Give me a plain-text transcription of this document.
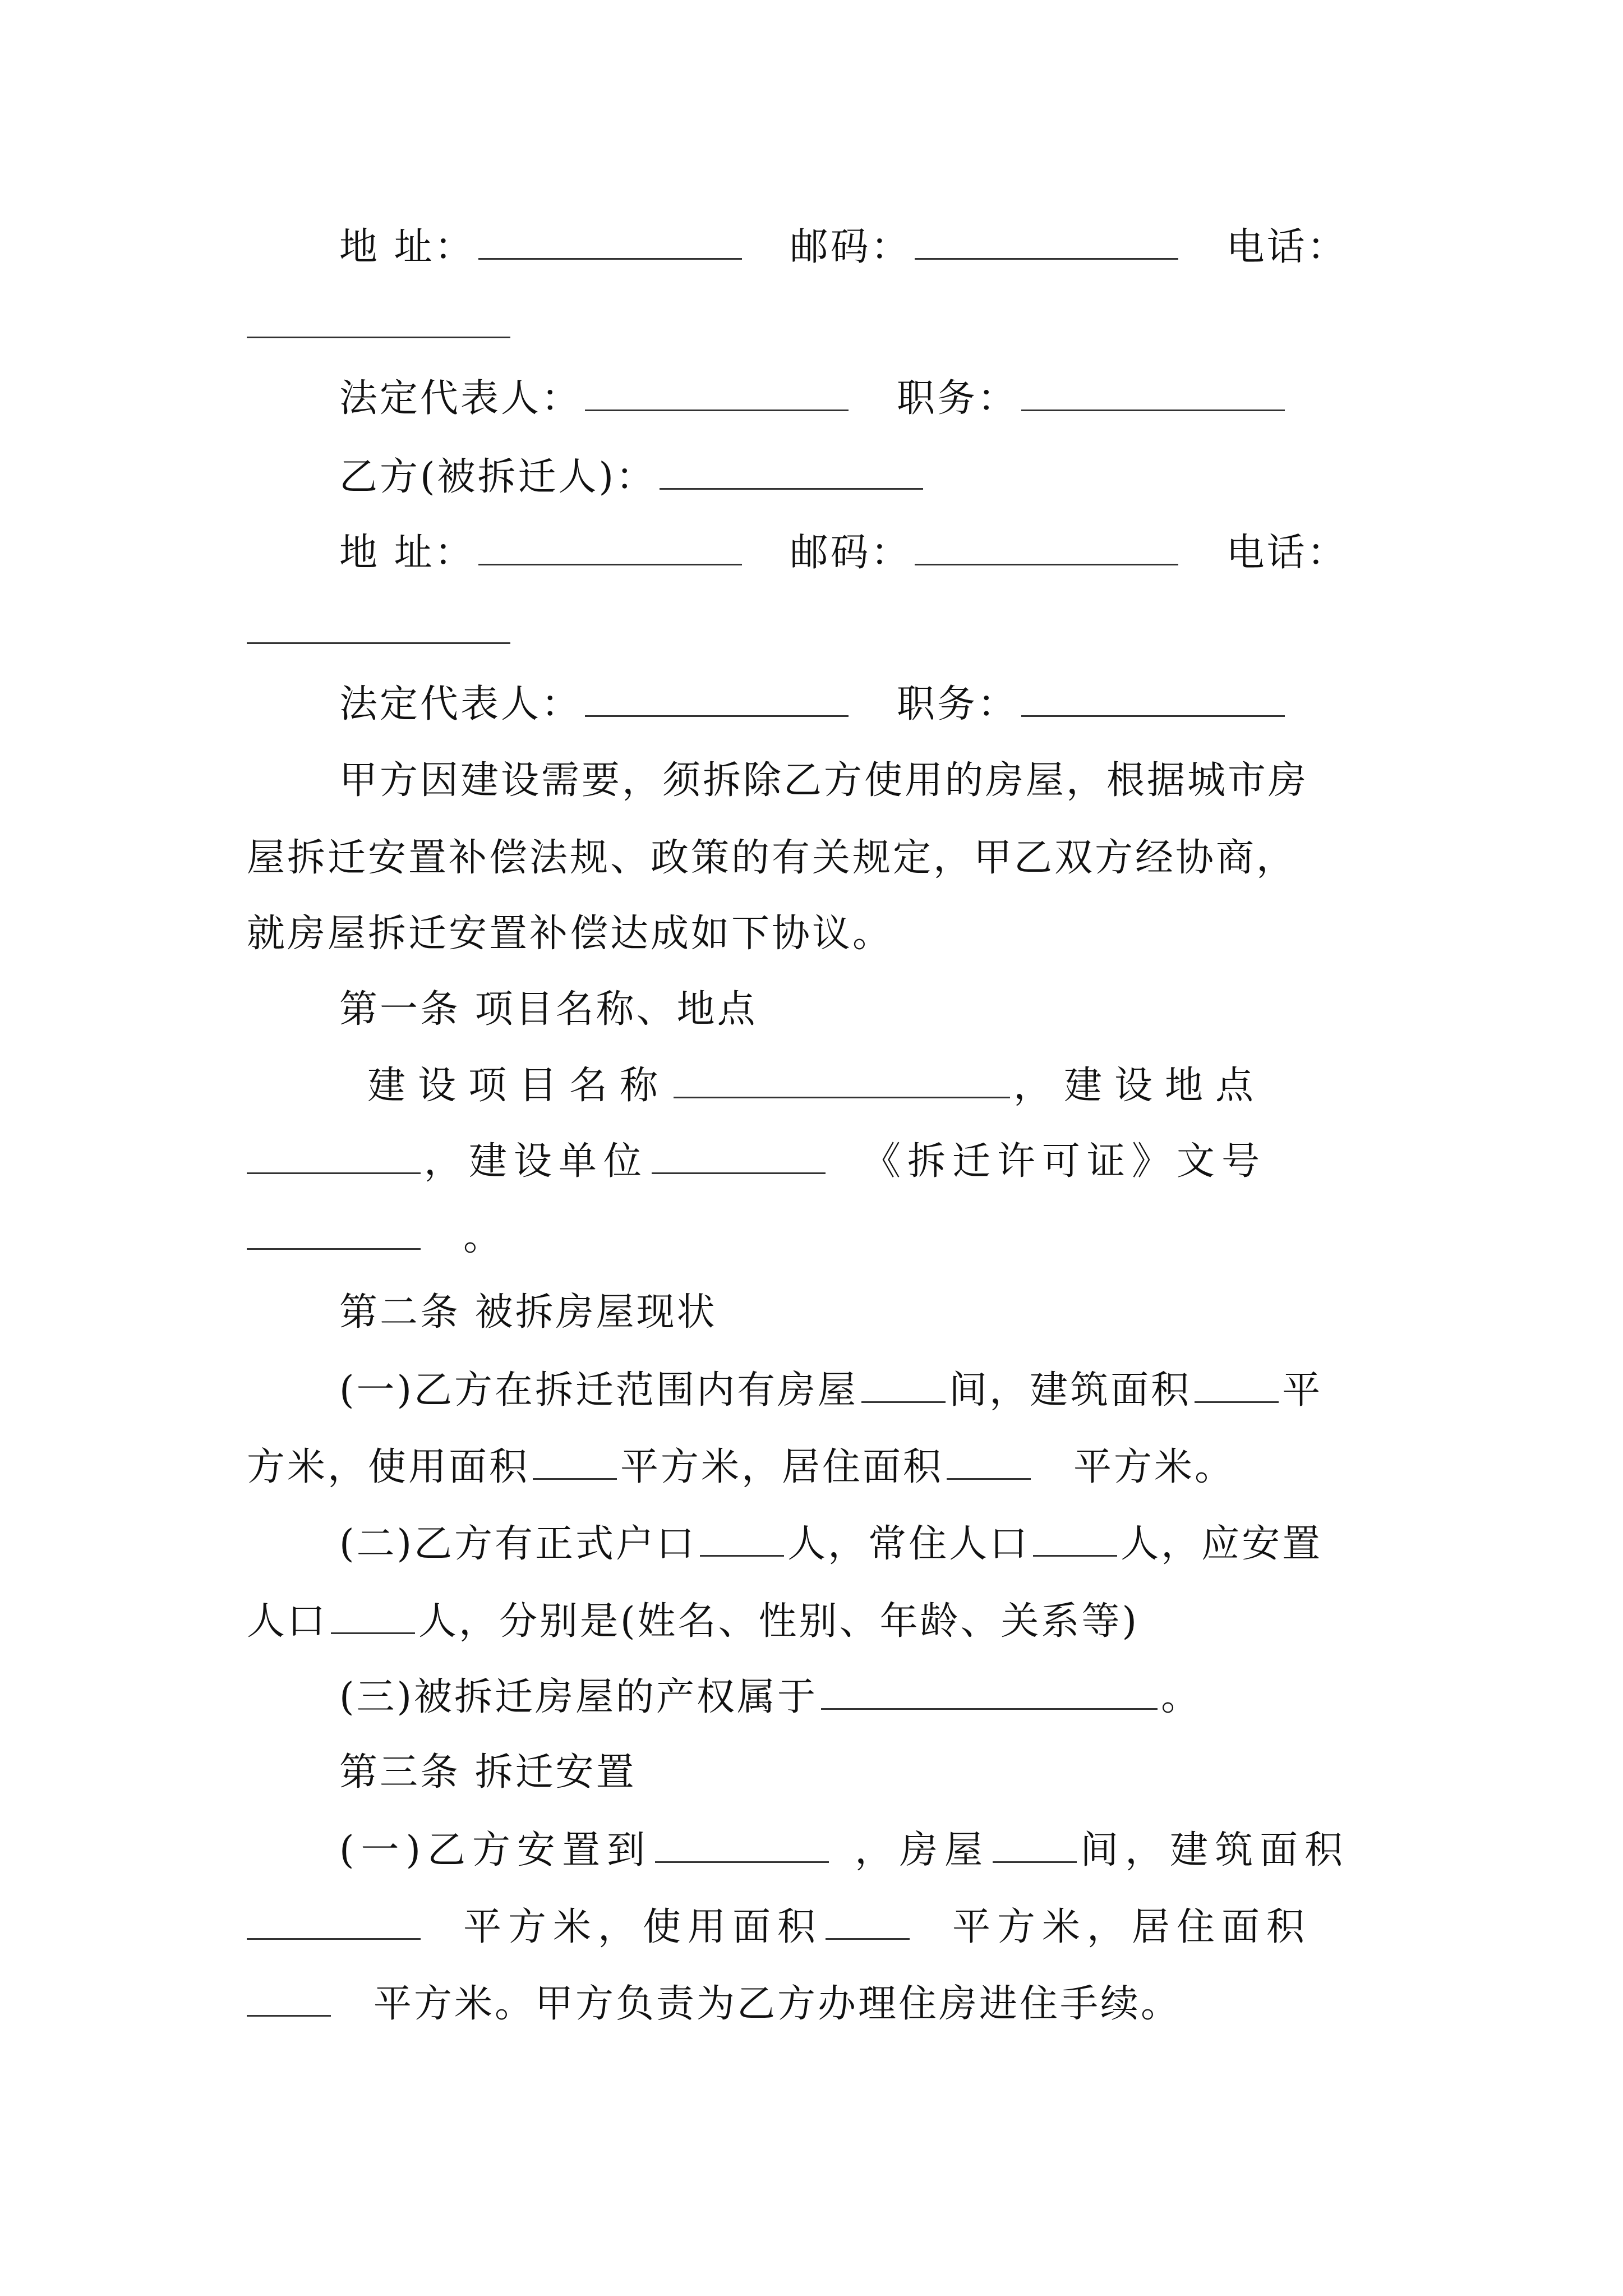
地 址：	邮码：	电话：
法定代表人：	职务：
乙方(被拆迁人)：
地 址：	邮码：	电话：
法定代表人：	职务：
甲方因建设需要，须拆除乙方使用的房屋，根据城市房
屋拆迁安置补偿法规、政策的有关规定，甲乙双方经协商，
就房屋拆迁安置补偿达成如下协议。
第一条 项目名称、地点
建设项目名称	，建设地点
，建设单位	《拆迁许可证》文号
。
第二条 被拆房屋现状
(一)乙方在拆迁范围内有房屋 间，建筑面积 平
方米，使用面积 平方米，居住面积	平方米。
(二)乙方有正式户口 人，常住人口 人，应安置
人口 人，分别是(姓名、性别、年龄、关系等)
(三)被拆迁房屋的产权属于	。
第三条 拆迁安置
(一)乙方安置到	，房屋 间，建筑面积
平方米，使用面积	平方米，居住面积
平方米。甲方负责为乙方办理住房进住手续。
